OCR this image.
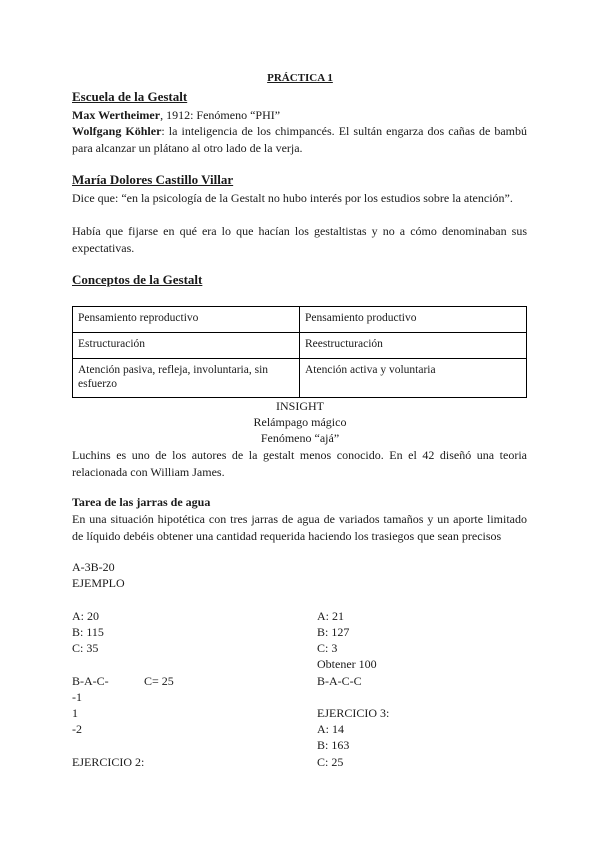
PRÁCTICA 1
Escuela de la Gestalt
Max Wertheimer, 1912: Fenómeno “PHI”
Wolfgang Köhler: la inteligencia de los chimpancés. El sultán engarza dos cañas de bambú para alcanzar un plátano al otro lado de la verja.
María Dolores Castillo Villar
Dice que: “en la psicología de la Gestalt no hubo interés por los estudios sobre la atención”.
Había que fijarse en qué era lo que hacían los gestaltistas y no a cómo denominaban sus expectativas.
Conceptos de la Gestalt
Pensamiento reproductivo	Pensamiento productivo
Estructuración	Reestructuración
Atención pasiva, refleja, involuntaria, sin esfuerzo	Atención activa y voluntaria
INSIGHT
Relámpago mágico
Fenómeno “ajá”
Luchins es uno de los autores de la gestalt menos conocido. En el 42 diseñó una teoria relacionada con William James.
Tarea de las jarras de agua
En una situación hipotética con tres jarras de agua de variados tamaños y un aporte limitado de líquido debéis obtener una cantidad requerida haciendo los trasiegos que sean precisos
A-3B-20
EJEMPLO
A: 20
B: 115
C: 35
B-A-C-	C= 25
-1
1
-2
EJERCICIO 2:
A: 21
B: 127
C: 3
Obtener 100
B-A-C-C
EJERCICIO 3:
A: 14
B: 163
C: 25
